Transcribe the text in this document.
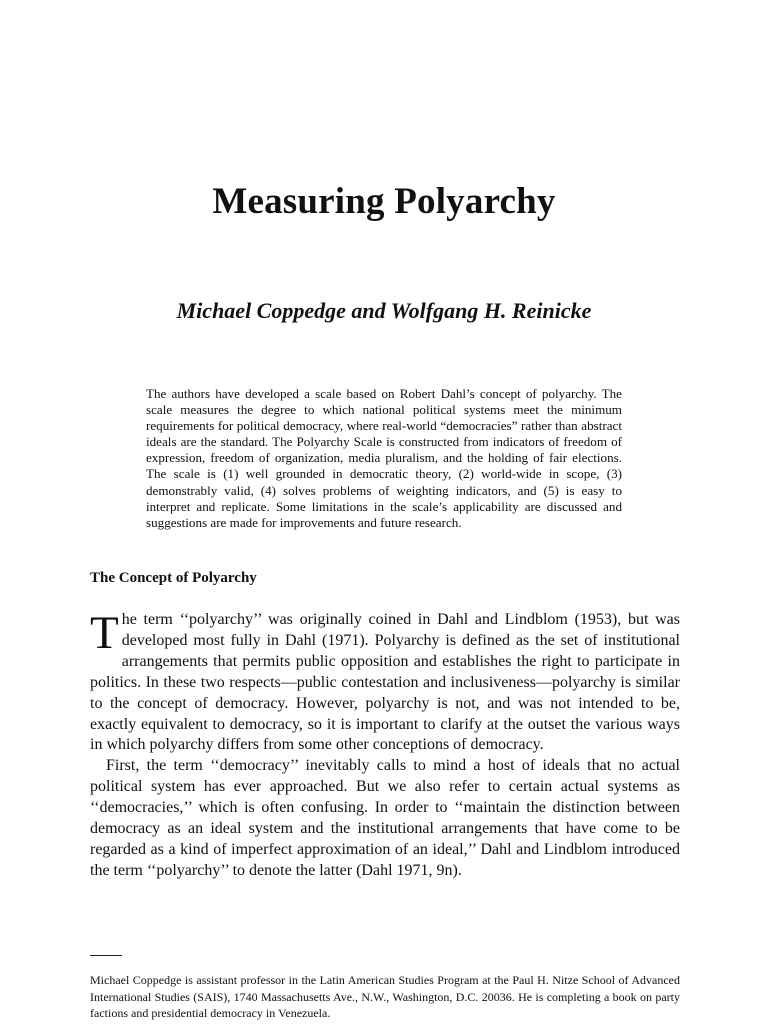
Measuring Polyarchy
Michael Coppedge and Wolfgang H. Reinicke

The authors have developed a scale based on Robert Dahl’s concept of polyarchy. The scale measures the degree to which national political systems meet the minimum requirements for political democracy, where real-world “democracies” rather than abstract ideals are the standard. The Polyarchy Scale is constructed from indicators of freedom of expression, freedom of organization, media pluralism, and the holding of fair elections. The scale is (1) well grounded in democratic theory, (2) world-wide in scope, (3) demonstrably valid, (4) solves problems of weighting indicators, and (5) is easy to interpret and replicate. Some limitations in the scale’s applicability are discussed and suggestions are made for improvements and future research.

The Concept of Polyarchy

The term ‘‘polyarchy’’ was originally coined in Dahl and Lindblom (1953), but was developed most fully in Dahl (1971). Polyarchy is defined as the set of institutional arrangements that permits public opposition and establishes the right to participate in politics. In these two respects—public contestation and inclusiveness—polyarchy is similar to the concept of democracy. However, polyarchy is not, and was not intended to be, exactly equivalent to democracy, so it is important to clarify at the outset the various ways in which polyarchy differs from some other conceptions of democracy.

First, the term ‘‘democracy’’ inevitably calls to mind a host of ideals that no actual political system has ever approached. But we also refer to certain actual systems as ‘‘democracies,’’ which is often confusing. In order to ‘‘maintain the distinction between democracy as an ideal system and the institutional arrangements that have come to be regarded as a kind of imperfect approximation of an ideal,’’ Dahl and Lindblom introduced the term ‘‘polyarchy’’ to denote the latter (Dahl 1971, 9n).

Michael Coppedge is assistant professor in the Latin American Studies Program at the Paul H. Nitze School of Advanced International Studies (SAIS), 1740 Massachusetts Ave., N.W., Washington, D.C. 20036. He is completing a book on party factions and presidential democracy in Venezuela.
